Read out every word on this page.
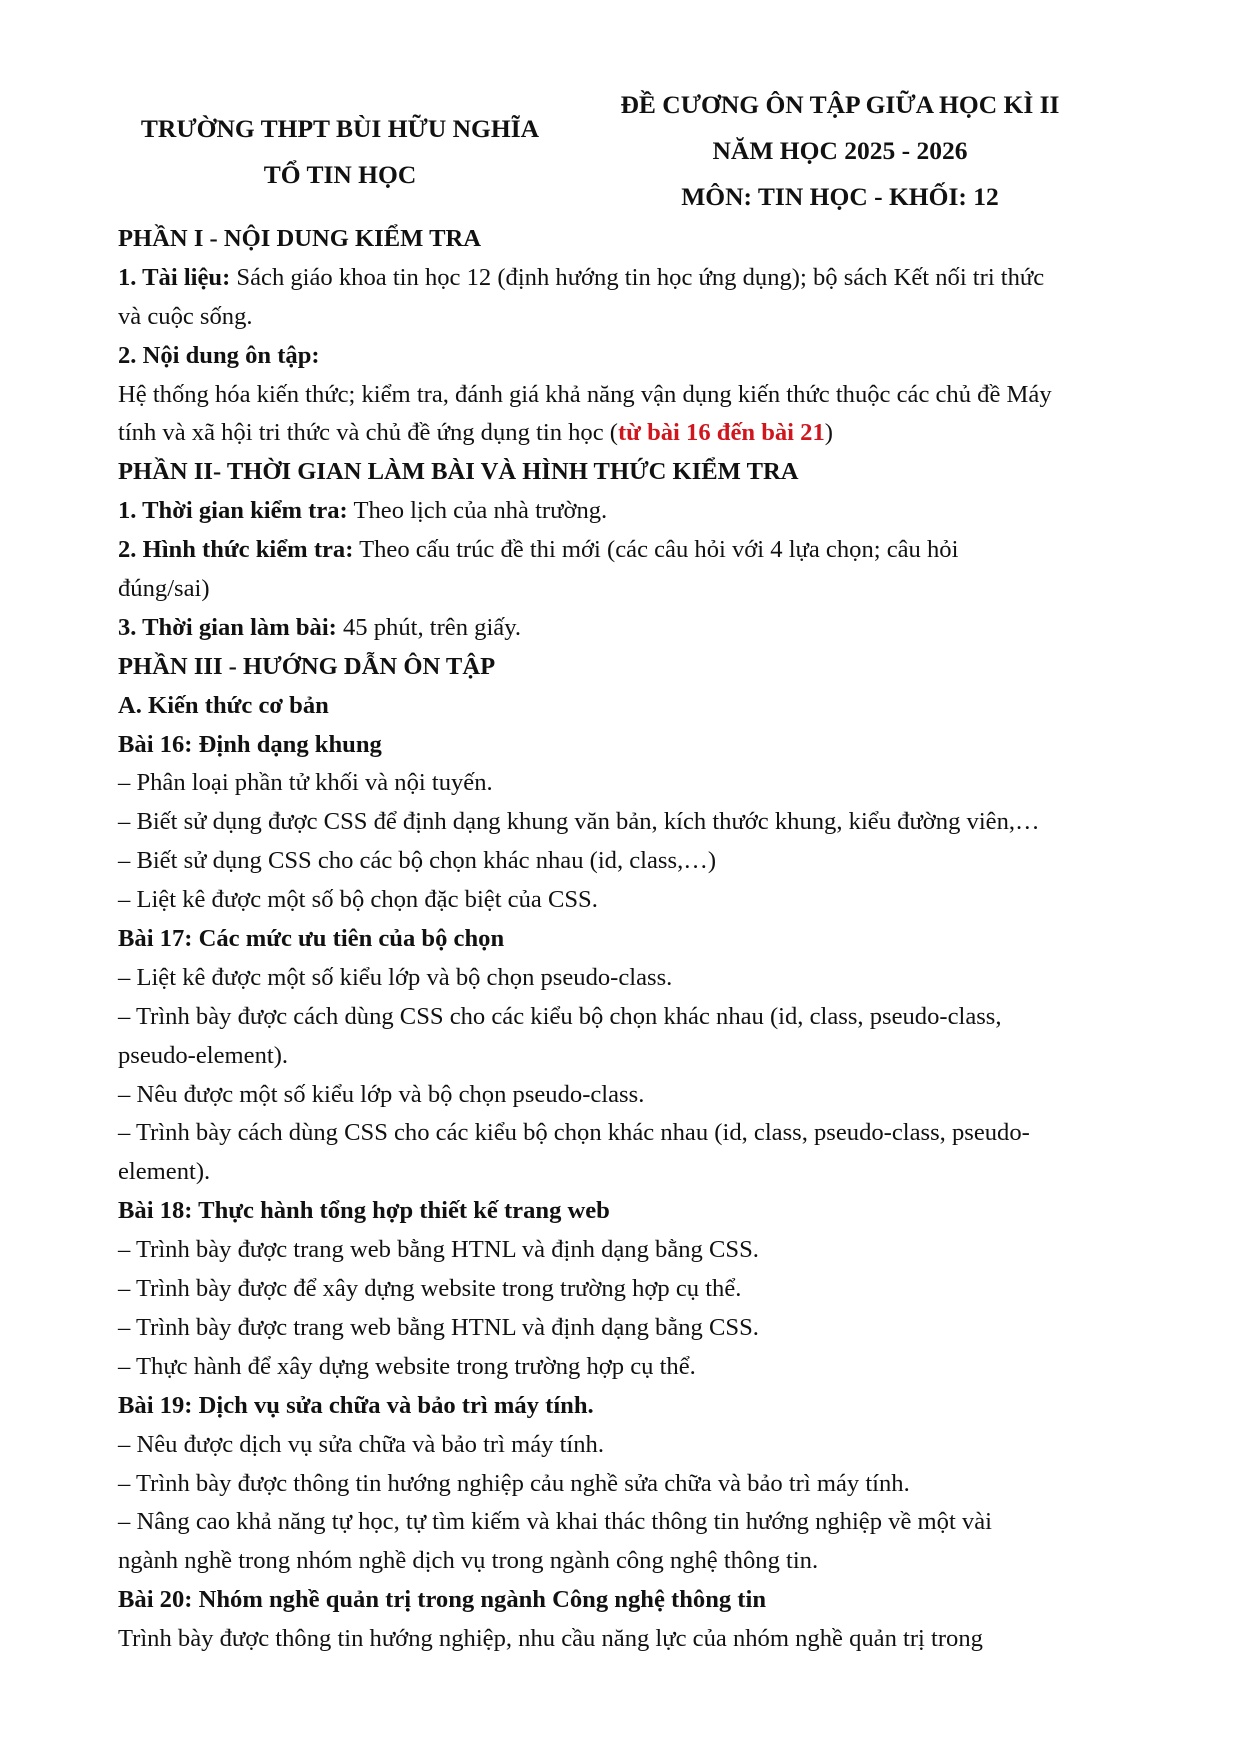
TRƯỜNG THPT BÙI HỮU NGHĨA
TỔ TIN HỌC
ĐỀ CƯƠNG ÔN TẬP GIỮA HỌC KÌ II
NĂM HỌC 2025 - 2026
MÔN: TIN HỌC - KHỐI: 12
PHẦN I - NỘI DUNG KIỂM TRA
1. Tài liệu: Sách giáo khoa tin học 12 (định hướng tin học ứng dụng); bộ sách Kết nối tri thức
và cuộc sống.
2. Nội dung ôn tập:
Hệ thống hóa kiến thức; kiểm tra, đánh giá khả năng vận dụng kiến thức thuộc các chủ đề Máy
tính và xã hội tri thức và chủ đề ứng dụng tin học (từ bài 16 đến bài 21)
PHẦN II- THỜI GIAN LÀM BÀI VÀ HÌNH THỨC KIỂM TRA
1. Thời gian kiểm tra: Theo lịch của nhà trường.
2. Hình thức kiểm tra: Theo cấu trúc đề thi mới (các câu hỏi với 4 lựa chọn; câu hỏi
đúng/sai)
3. Thời gian làm bài: 45 phút, trên giấy.
PHẦN III - HƯỚNG DẪN ÔN TẬP
A. Kiến thức cơ bản
Bài 16: Định dạng khung
– Phân loại phần tử khối và nội tuyến.
– Biết sử dụng được CSS để định dạng khung văn bản, kích thước khung, kiểu đường viên,…
– Biết sử dụng CSS cho các bộ chọn khác nhau (id, class,…)
– Liệt kê được một số bộ chọn đặc biệt của CSS.
Bài 17: Các mức ưu tiên của bộ chọn
– Liệt kê được một số kiểu lớp và bộ chọn pseudo-class.
– Trình bày được cách dùng CSS cho các kiểu bộ chọn khác nhau (id, class, pseudo-class,
pseudo-element).
– Nêu được một số kiểu lớp và bộ chọn pseudo-class.
– Trình bày cách dùng CSS cho các kiểu bộ chọn khác nhau (id, class, pseudo-class, pseudo-
element).
Bài 18: Thực hành tổng hợp thiết kế trang web
– Trình bày được trang web bằng HTNL và định dạng bằng CSS.
– Trình bày được để xây dựng website trong trường hợp cụ thể.
– Trình bày được trang web bằng HTNL và định dạng bằng CSS.
– Thực hành để xây dựng website trong trường hợp cụ thể.
Bài 19: Dịch vụ sửa chữa và bảo trì máy tính.
– Nêu được dịch vụ sửa chữa và bảo trì máy tính.
– Trình bày được thông tin hướng nghiệp cảu nghề sửa chữa và bảo trì máy tính.
– Nâng cao khả năng tự học, tự tìm kiếm và khai thác thông tin hướng nghiệp về một vài
ngành nghề trong nhóm nghề dịch vụ trong ngành công nghệ thông tin.
Bài 20: Nhóm nghề quản trị trong ngành Công nghệ thông tin
Trình bày được thông tin hướng nghiệp, nhu cầu năng lực của nhóm nghề quản trị trong
